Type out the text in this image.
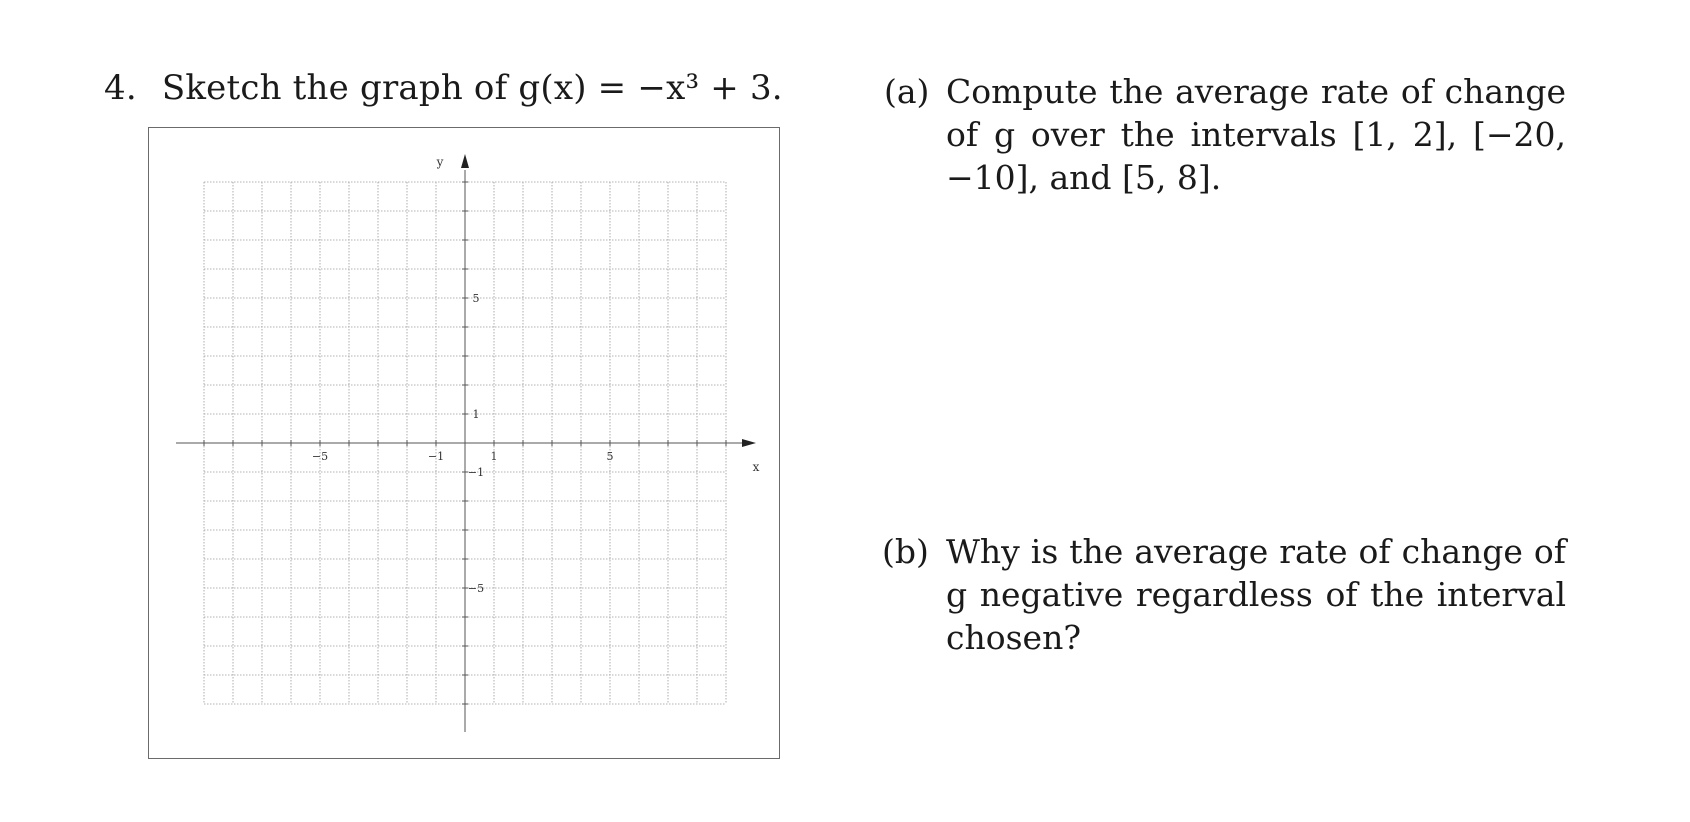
4. Sketch the graph of g(x) = −x³ + 3.
−5	−1	1	5
5
1
−1
−5
x
y
(a) Compute the average rate of change of g over the intervals [1, 2], [−20, −10], and [5, 8].
(b) Why is the average rate of change of g negative regardless of the interval chosen?
